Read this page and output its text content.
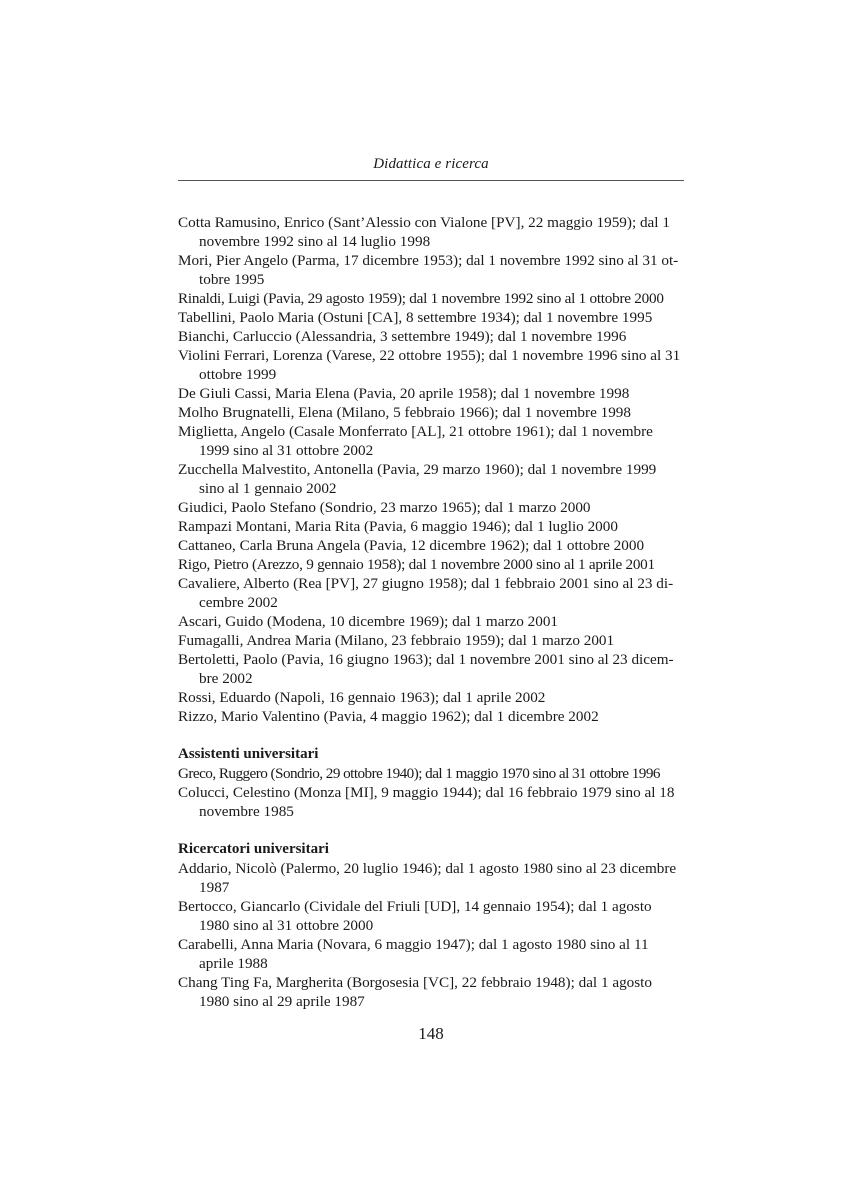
Didattica e ricerca

Cotta Ramusino, Enrico (Sant’Alessio con Vialone [PV], 22 maggio 1959); dal 1
novembre 1992 sino al 14 luglio 1998

Mori, Pier Angelo (Parma, 17 dicembre 1953); dal 1 novembre 1992 sino al 31 ot-
tobre 1995

Rinaldi, Luigi (Pavia, 29 agosto 1959); dal 1 novembre 1992 sino al 1 ottobre 2000

Tabellini, Paolo Maria (Ostuni [CA], 8 settembre 1934); dal 1 novembre 1995

Bianchi, Carluccio (Alessandria, 3 settembre 1949); dal 1 novembre 1996

Violini Ferrari, Lorenza (Varese, 22 ottobre 1955); dal 1 novembre 1996 sino al 31
ottobre 1999

De Giuli Cassi, Maria Elena (Pavia, 20 aprile 1958); dal 1 novembre 1998

Molho Brugnatelli, Elena (Milano, 5 febbraio 1966); dal 1 novembre 1998

Miglietta, Angelo (Casale Monferrato [AL], 21 ottobre 1961); dal 1 novembre
1999 sino al 31 ottobre 2002

Zucchella Malvestito, Antonella (Pavia, 29 marzo 1960); dal 1 novembre 1999
sino al 1 gennaio 2002

Giudici, Paolo Stefano (Sondrio, 23 marzo 1965); dal 1 marzo 2000

Rampazi Montani, Maria Rita (Pavia, 6 maggio 1946); dal 1 luglio 2000

Cattaneo, Carla Bruna Angela (Pavia, 12 dicembre 1962); dal 1 ottobre 2000

Rigo, Pietro (Arezzo, 9 gennaio 1958); dal 1 novembre 2000 sino al 1 aprile 2001

Cavaliere, Alberto (Rea [PV], 27 giugno 1958); dal 1 febbraio 2001 sino al 23 di-
cembre 2002

Ascari, Guido (Modena, 10 dicembre 1969); dal 1 marzo 2001

Fumagalli, Andrea Maria (Milano, 23 febbraio 1959); dal 1 marzo 2001

Bertoletti, Paolo (Pavia, 16 giugno 1963); dal 1 novembre 2001 sino al 23 dicem-
bre 2002

Rossi, Eduardo (Napoli, 16 gennaio 1963); dal 1 aprile 2002

Rizzo, Mario Valentino (Pavia, 4 maggio 1962); dal 1 dicembre 2002

Assistenti universitari

Greco, Ruggero (Sondrio, 29 ottobre 1940); dal 1 maggio 1970 sino al 31 ottobre 1996

Colucci, Celestino (Monza [MI], 9 maggio 1944); dal 16 febbraio 1979 sino al 18
novembre 1985

Ricercatori universitari

Addario, Nicolò (Palermo, 20 luglio 1946); dal 1 agosto 1980 sino al 23 dicembre
1987

Bertocco, Giancarlo (Cividale del Friuli [UD], 14 gennaio 1954); dal 1 agosto
1980 sino al 31 ottobre 2000

Carabelli, Anna Maria (Novara, 6 maggio 1947); dal 1 agosto 1980 sino al 11
aprile 1988

Chang Ting Fa, Margherita (Borgosesia [VC], 22 febbraio 1948); dal 1 agosto
1980 sino al 29 aprile 1987

148
